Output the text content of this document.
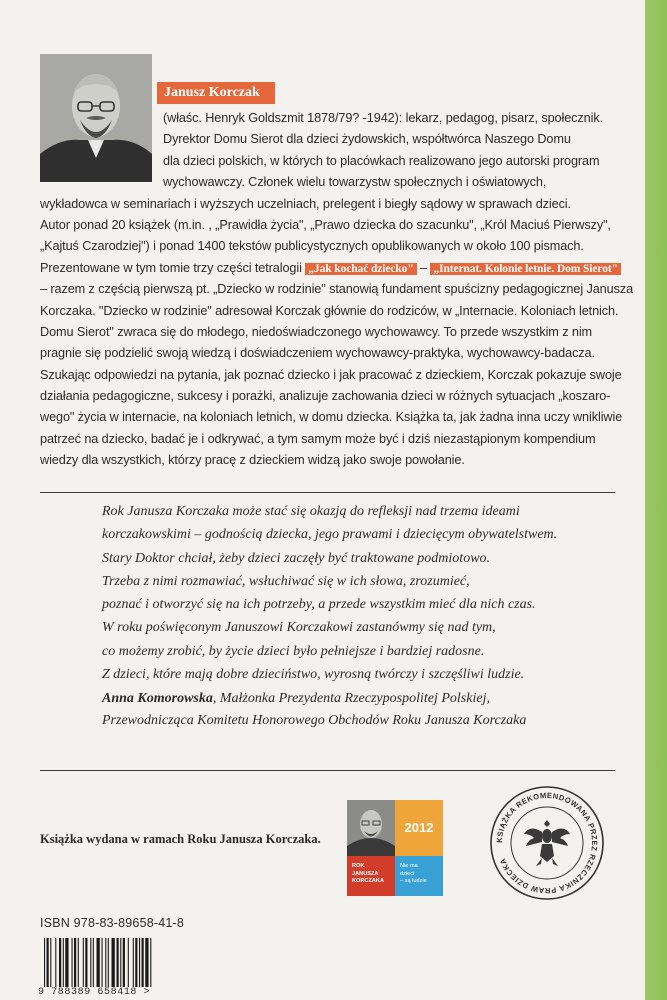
Janusz Korczak
(właśc. Henryk Goldszmit 1878/79? -1942): lekarz, pedagog, pisarz, społecznik.
Dyrektor Domu Sierot dla dzieci żydowskich, współtwórca Naszego Domu
dla dzieci polskich, w których to placówkach realizowano jego autorski program
wychowawczy. Członek wielu towarzystw społecznych i oświatowych,
wykładowca w seminariach i wyższych uczelniach, prelegent i biegły sądowy w sprawach dzieci.
Autor ponad 20 książek (m.in. , „Prawidła życia", „Prawo dziecka do szacunku", „Król Maciuś Pierwszy",
„Kajtuś Czarodziej") i ponad 1400 tekstów publicystycznych opublikowanych w około 100 pismach.
Prezentowane w tym tomie trzy części tetralogii „Jak kochać dziecko" – „Internat. Kolonie letnie. Dom Sierot"
– razem z częścią pierwszą pt. „Dziecko w rodzinie" stanowią fundament spuścizny pedagogicznej Janusza
Korczaka. "Dziecko w rodzinie" adresował Korczak głównie do rodziców, w „Internacie. Koloniach letnich.
Domu Sierot" zwraca się do młodego, niedoświadczonego wychowawcy. To przede wszystkim z nim
pragnie się podzielić swoją wiedzą i doświadczeniem wychowawcy-praktyka, wychowawcy-badacza.
Szukając odpowiedzi na pytania, jak poznać dziecko i jak pracować z dzieckiem, Korczak pokazuje swoje
działania pedagogiczne, sukcesy i porażki, analizuje zachowania dzieci w różnych sytuacjach „koszaro-
wego" życia w internacie, na koloniach letnich, w domu dziecka. Książka ta, jak żadna inna uczy wnikliwie
patrzeć na dziecko, badać je i odkrywać, a tym samym może być i dziś niezastąpionym kompendium
wiedzy dla wszystkich, którzy pracę z dzieckiem widzą jako swoje powołanie.
Rok Janusza Korczaka może stać się okazją do refleksji nad trzema ideami
korczakowskimi – godnością dziecka, jego prawami i dziecięcym obywatelstwem.
Stary Doktor chciał, żeby dzieci zaczęły być traktowane podmiotowo.
Trzeba z nimi rozmawiać, wsłuchiwać się w ich słowa, zrozumieć,
poznać i otworzyć się na ich potrzeby, a przede wszystkim mieć dla nich czas.
W roku poświęconym Januszowi Korczakowi zastanówmy się nad tym,
co możemy zrobić, by życie dzieci było pełniejsze i bardziej radosne.
Z dzieci, które mają dobre dzieciństwo, wyrosną twórczy i szczęśliwi ludzie.
Anna Komorowska, Małżonka Prezydenta Rzeczypospolitej Polskiej,
Przewodnicząca Komitetu Honorowego Obchodów Roku Janusza Korczaka
Książka wydana w ramach Roku Janusza Korczaka.
2012
ROK
JANUSZA
KORCZAKA
Nie ma
dzieci
– są ludzie
KSIĄŻKA REKOMENDOWANA PRZEZ RZECZNIKA PRAW DZIECKA
ISBN 978-83-89658-41-8
9 788389 658418 >
